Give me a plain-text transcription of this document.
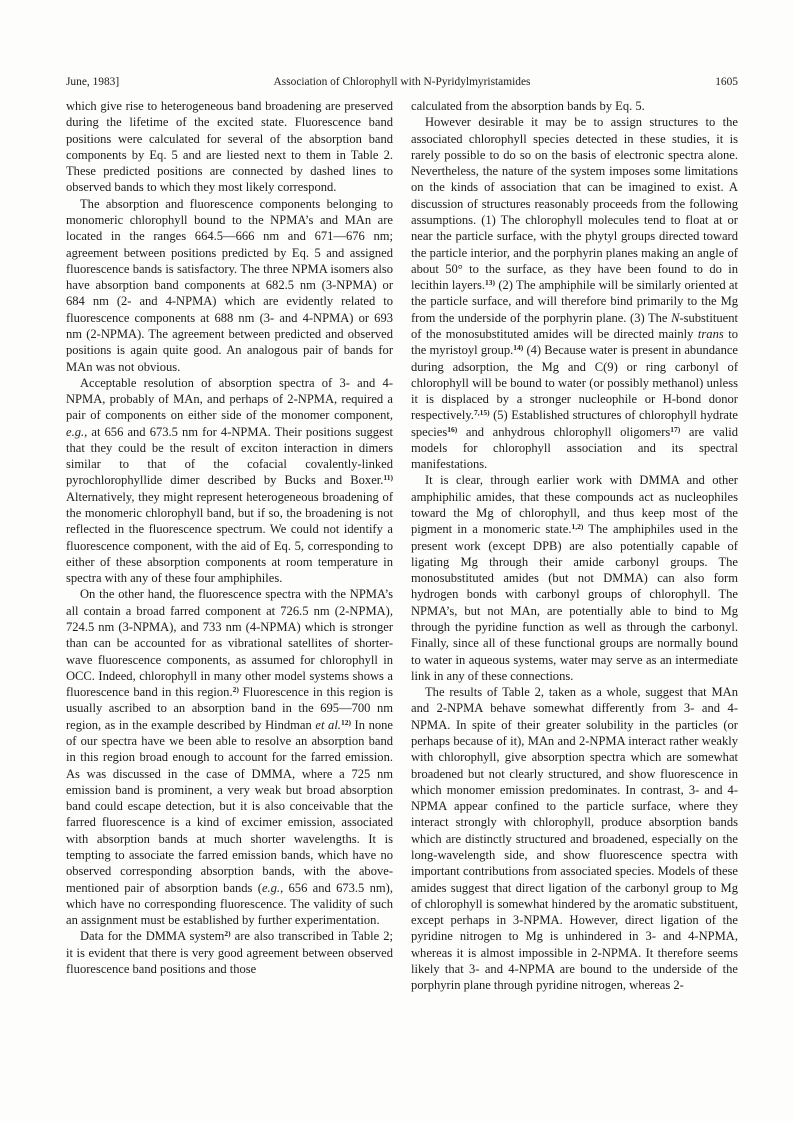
June, 1983]	Association of Chlorophyll with N-Pyridylmyristamides	1605

which give rise to heterogeneous band broadening are preserved during the lifetime of the excited state. Fluorescence band positions were calculated for several of the absorption band components by Eq. 5 and are liested next to them in Table 2. These predicted positions are connected by dashed lines to observed bands to which they most likely correspond.

The absorption and fluorescence components belonging to monomeric chlorophyll bound to the NPMA’s and MAn are located in the ranges 664.5—666 nm and 671—676 nm; agreement between positions predicted by Eq. 5 and assigned fluorescence bands is satisfactory. The three NPMA isomers also have absorption band components at 682.5 nm (3-NPMA) or 684 nm (2- and 4-NPMA) which are evidently related to fluorescence components at 688 nm (3- and 4-NPMA) or 693 nm (2-NPMA). The agreement between predicted and observed positions is again quite good. An analogous pair of bands for MAn was not obvious.

Acceptable resolution of absorption spectra of 3- and 4-NPMA, probably of MAn, and perhaps of 2-NPMA, required a pair of components on either side of the monomer component, e.g., at 656 and 673.5 nm for 4-NPMA. Their positions suggest that they could be the result of exciton interaction in dimers similar to that of the cofacial covalently-linked pyrochlorophyllide dimer described by Bucks and Boxer.$^{11)}$ Alternatively, they might represent heterogeneous broadening of the monomeric chlorophyll band, but if so, the broadening is not reflected in the fluorescence spectrum. We could not identify a fluorescence component, with the aid of Eq. 5, corresponding to either of these absorption components at room temperature in spectra with any of these four amphiphiles.

On the other hand, the fluorescence spectra with the NPMA’s all contain a broad farred component at 726.5 nm (2-NPMA), 724.5 nm (3-NPMA), and 733 nm (4-NPMA) which is stronger than can be accounted for as vibrational satellites of shorter-wave fluorescence components, as assumed for chlorophyll in OCC. Indeed, chlorophyll in many other model systems shows a fluorescence band in this region.$^{2)}$ Fluorescence in this region is usually ascribed to an absorption band in the 695—700 nm region, as in the example described by Hindman et al.$^{12)}$ In none of our spectra have we been able to resolve an absorption band in this region broad enough to account for the farred emission. As was discussed in the case of DMMA, where a 725 nm emission band is prominent, a very weak but broad absorption band could escape detection, but it is also conceivable that the farred fluorescence is a kind of excimer emission, associated with absorption bands at much shorter wavelengths. It is tempting to associate the farred emission bands, which have no observed corresponding absorption bands, with the above-mentioned pair of absorption bands (e.g., 656 and 673.5 nm), which have no corresponding fluorescence. The validity of such an assignment must be established by further experimentation.

Data for the DMMA system$^{2)}$ are also transcribed in Table 2; it is evident that there is very good agreement between observed fluorescence band positions and those

calculated from the absorption bands by Eq. 5.

However desirable it may be to assign structures to the associated chlorophyll species detected in these studies, it is rarely possible to do so on the basis of electronic spectra alone. Nevertheless, the nature of the system imposes some limitations on the kinds of association that can be imagined to exist. A discussion of structures reasonably proceeds from the following assumptions. (1) The chlorophyll molecules tend to float at or near the particle surface, with the phytyl groups directed toward the particle interior, and the porphyrin planes making an angle of about 50° to the surface, as they have been found to do in lecithin layers.$^{13)}$ (2) The amphiphile will be similarly oriented at the particle surface, and will therefore bind primarily to the Mg from the underside of the porphyrin plane. (3) The N-substituent of the monosubstituted amides will be directed mainly trans to the myristoyl group.$^{14)}$ (4) Because water is present in abundance during adsorption, the Mg and C(9) or ring carbonyl of chlorophyll will be bound to water (or possibly methanol) unless it is displaced by a stronger nucleophile or H-bond donor respectively.$^{7,15)}$ (5) Established structures of chlorophyll hydrate species$^{16)}$ and anhydrous chlorophyll oligomers$^{17)}$ are valid models for chlorophyll association and its spectral manifestations.

It is clear, through earlier work with DMMA and other amphiphilic amides, that these compounds act as nucleophiles toward the Mg of chlorophyll, and thus keep most of the pigment in a monomeric state.$^{1,2)}$ The amphiphiles used in the present work (except DPB) are also potentially capable of ligating Mg through their amide carbonyl groups. The monosubstituted amides (but not DMMA) can also form hydrogen bonds with carbonyl groups of chlorophyll. The NPMA’s, but not MAn, are potentially able to bind to Mg through the pyridine function as well as through the carbonyl. Finally, since all of these functional groups are normally bound to water in aqueous systems, water may serve as an intermediate link in any of these connections.

The results of Table 2, taken as a whole, suggest that MAn and 2-NPMA behave somewhat differently from 3- and 4-NPMA. In spite of their greater solubility in the particles (or perhaps because of it), MAn and 2-NPMA interact rather weakly with chlorophyll, give absorption spectra which are somewhat broadened but not clearly structured, and show fluorescence in which monomer emission predominates. In contrast, 3- and 4-NPMA appear confined to the particle surface, where they interact strongly with chlorophyll, produce absorption bands which are distinctly structured and broadened, especially on the long-wavelength side, and show fluorescence spectra with important contributions from associated species. Models of these amides suggest that direct ligation of the carbonyl group to Mg of chlorophyll is somewhat hindered by the aromatic substituent, except perhaps in 3-NPMA. However, direct ligation of the pyridine nitrogen to Mg is unhindered in 3- and 4-NPMA, whereas it is almost impossible in 2-NPMA. It therefore seems likely that 3- and 4-NPMA are bound to the underside of the porphyrin plane through pyridine nitrogen, whereas 2-
